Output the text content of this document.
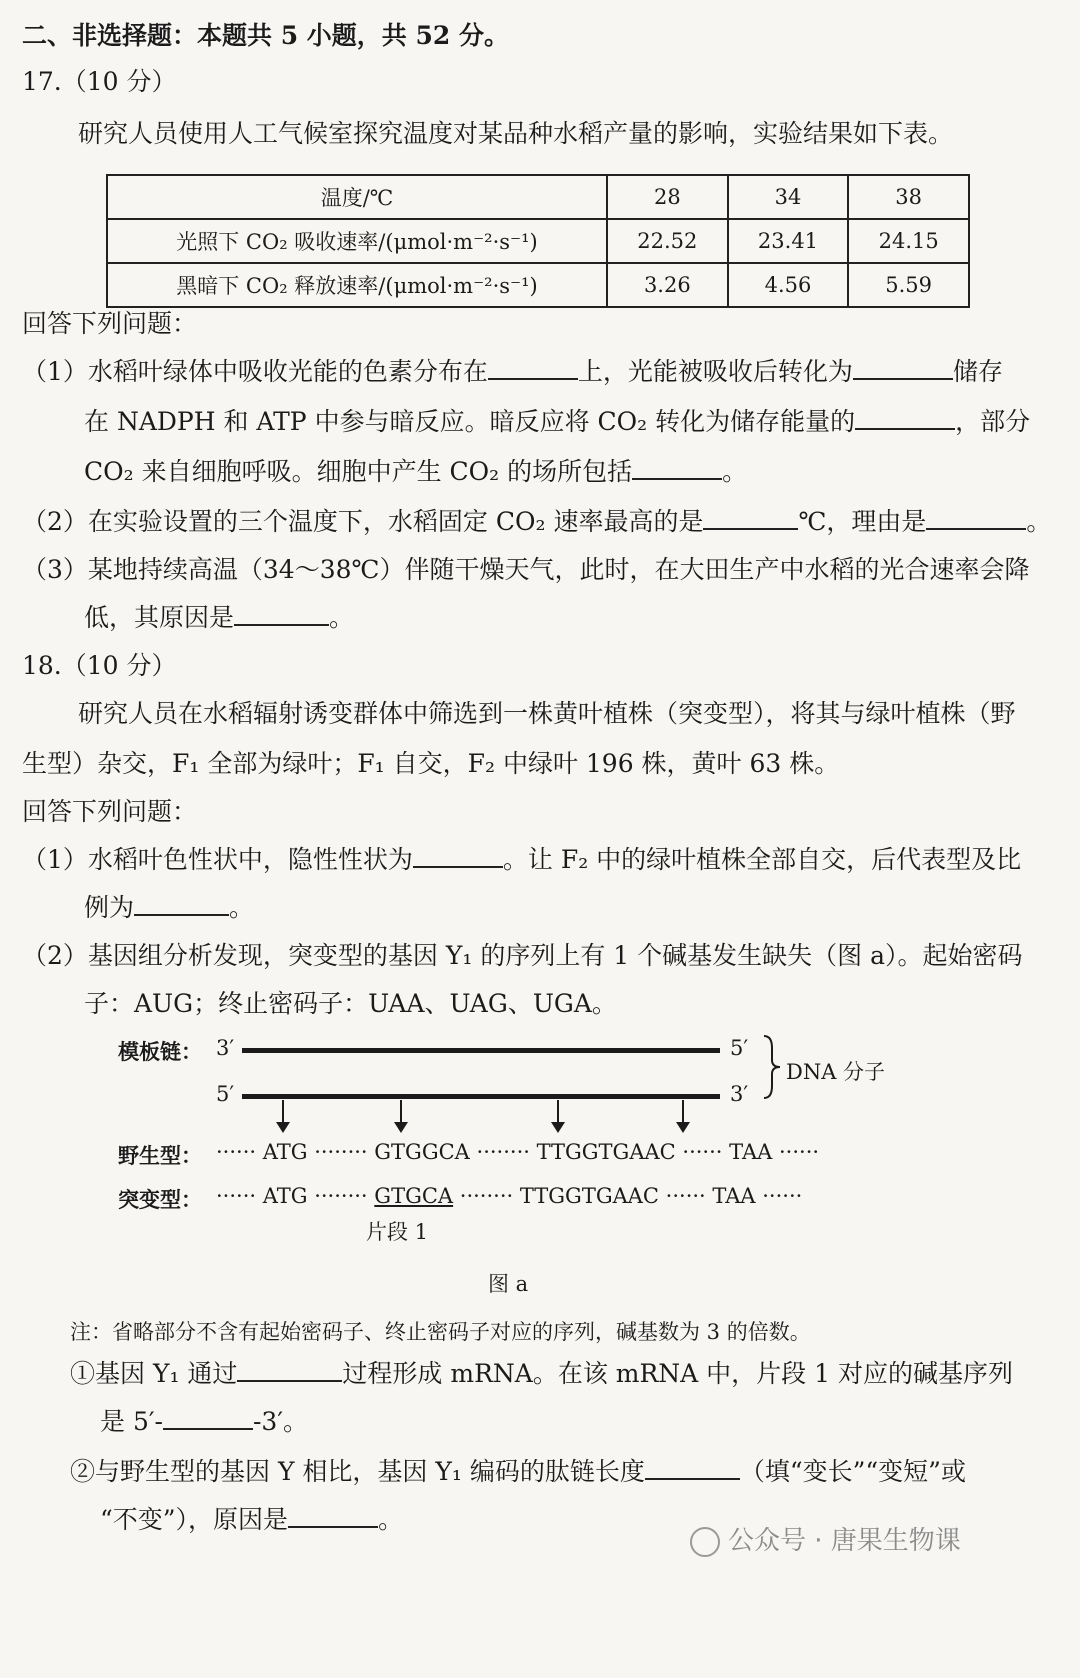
二、非选择题：本题共 5 小题，共 52 分。
17.（10 分）
研究人员使用人工气候室探究温度对某品种水稻产量的影响，实验结果如下表。
温度/℃	28	34	38
光照下 CO₂ 吸收速率/(μmol·m⁻²·s⁻¹)	22.52	23.41	24.15
黑暗下 CO₂ 释放速率/(μmol·m⁻²·s⁻¹)	3.26	4.56	5.59
回答下列问题：
（1）水稻叶绿体中吸收光能的色素分布在	上，光能被吸收后转化为	储存
在 NADPH 和 ATP 中参与暗反应。暗反应将 CO₂ 转化为储存能量的	，部分
CO₂ 来自细胞呼吸。细胞中产生 CO₂ 的场所包括	。
（2）在实验设置的三个温度下，水稻固定 CO₂ 速率最高的是	℃，理由是	。
（3）某地持续高温（34～38℃）伴随干燥天气，此时，在大田生产中水稻的光合速率会降
低，其原因是	。
18.（10 分）
研究人员在水稻辐射诱变群体中筛选到一株黄叶植株（突变型），将其与绿叶植株（野
生型）杂交，F₁ 全部为绿叶；F₁ 自交，F₂ 中绿叶 196 株，黄叶 63 株。
回答下列问题：
（1）水稻叶色性状中，隐性性状为	。让 F₂ 中的绿叶植株全部自交，后代表型及比
例为	。
（2）基因组分析发现，突变型的基因 Y₁ 的序列上有 1 个碱基发生缺失（图 a）。起始密码
子：AUG；终止密码子：UAA、UAG、UGA。
模板链： 3′	5′
5′	3′
DNA 分子
野生型： ······ ATG ········ GTGGCA ········ TTGGTGAAC ······ TAA ······
突变型： ······ ATG ········ GTGCA ········ TTGGTGAAC ······ TAA ······
片段 1
图 a
注：省略部分不含有起始密码子、终止密码子对应的序列，碱基数为 3 的倍数。
①基因 Y₁ 通过	过程形成 mRNA。在该 mRNA 中，片段 1 对应的碱基序列
是 5′-	-3′。
②与野生型的基因 Y 相比，基因 Y₁ 编码的肽链长度	（填“变长”“变短”或
“不变”），原因是	。
公众号 · 唐果生物课
